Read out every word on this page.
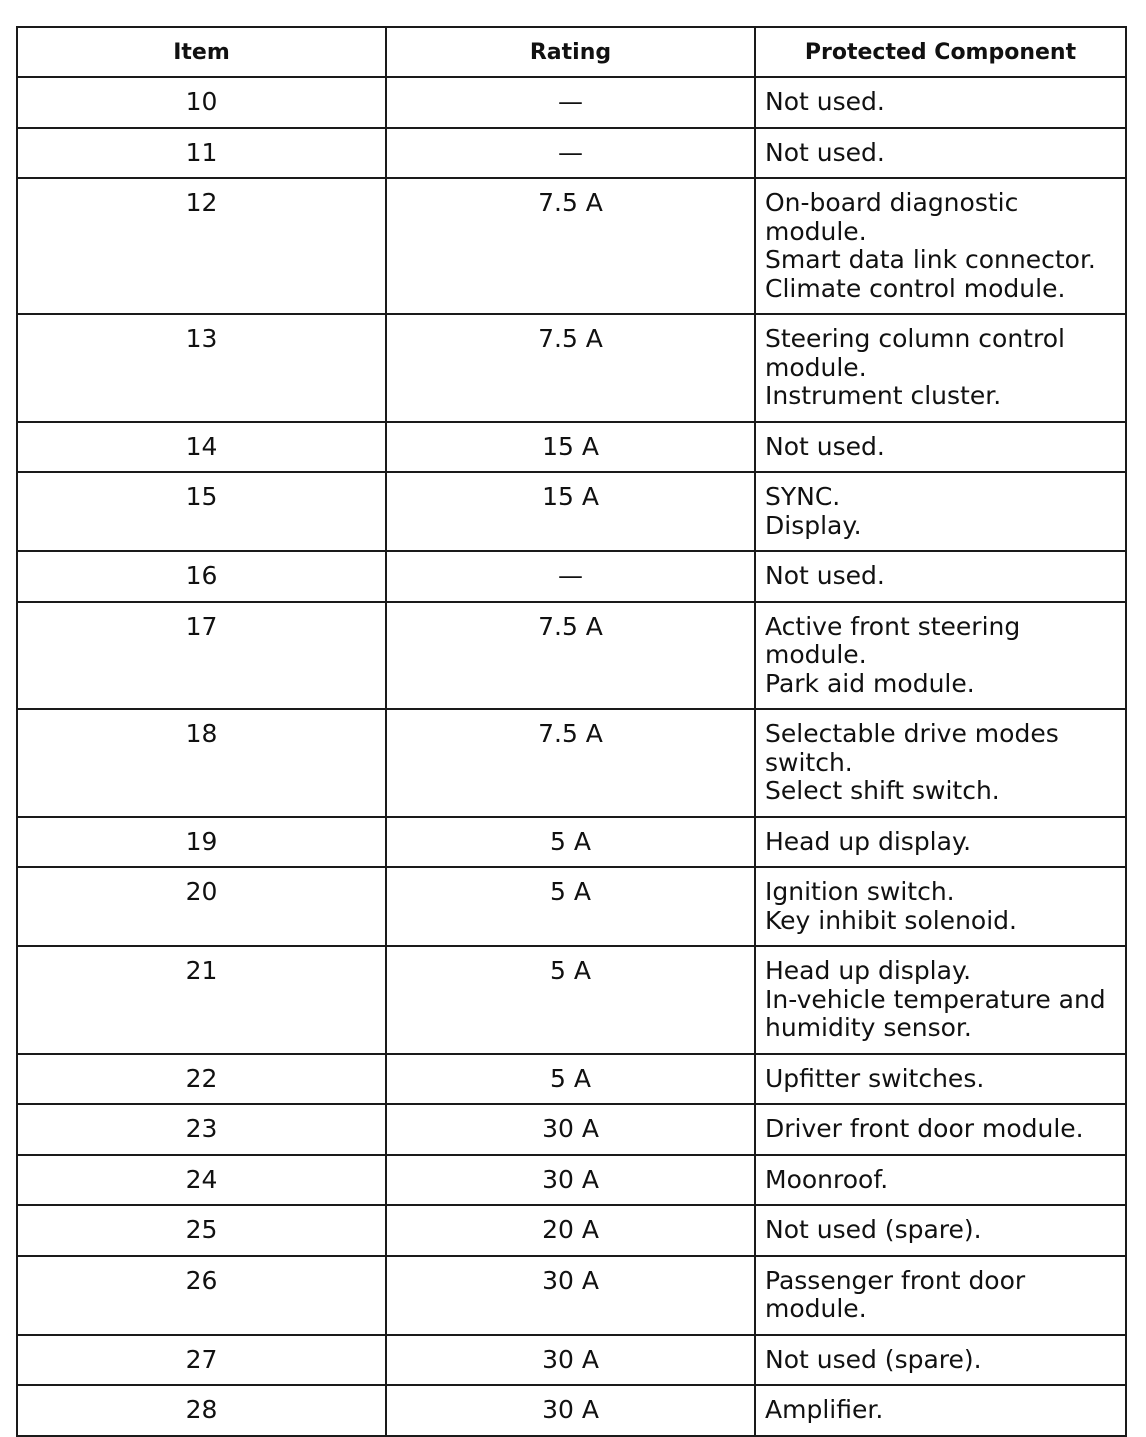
Item	Rating	Protected Component
10	—	Not used.

11	—	Not used.

12	7.5 A	On-board diagnostic
module.
Smart data link connector.
Climate control module.

13	7.5 A	Steering column control
module.
Instrument cluster.

14	15 A	Not used.

15	15 A	SYNC.
Display.

16	—	Not used.

17	7.5 A	Active front steering
module.
Park aid module.

18	7.5 A	Selectable drive modes
switch.
Select shift switch.

19	5 A	Head up display.

20	5 A	Ignition switch.
Key inhibit solenoid.

21	5 A	Head up display.
In-vehicle temperature and
humidity sensor.

22	5 A	Upfitter switches.

23	30 A	Driver front door module.

24	30 A	Moonroof.

25	20 A	Not used (spare).

26	30 A	Passenger front door
module.

27	30 A	Not used (spare).

28	30 A	Amplifier.
